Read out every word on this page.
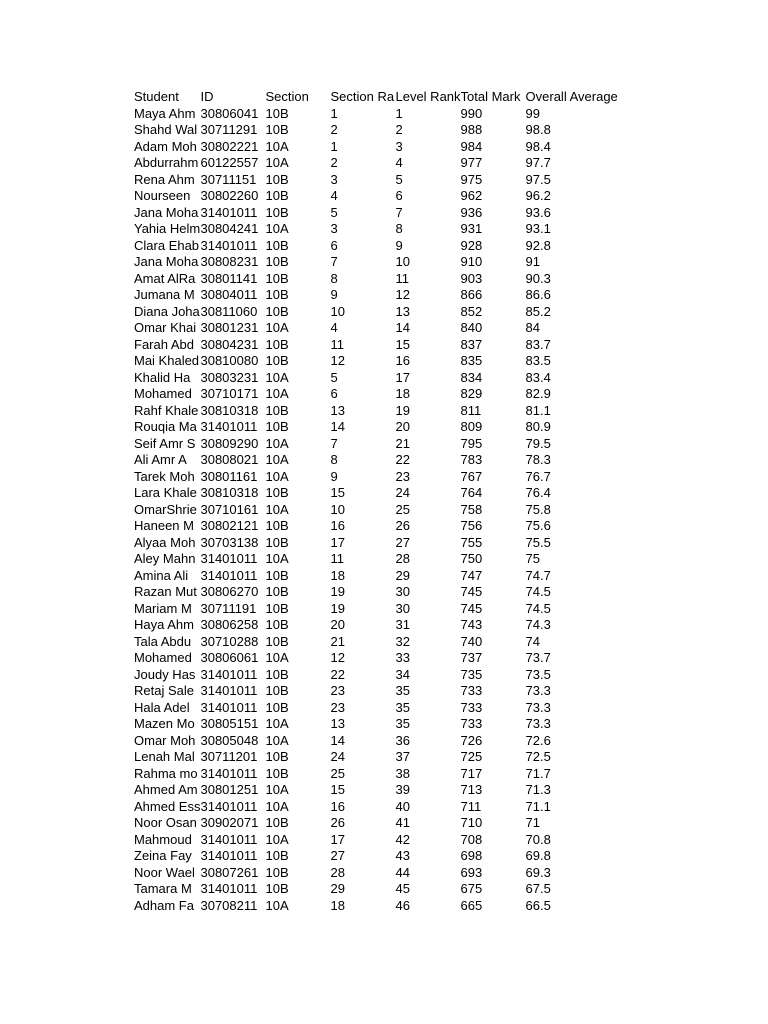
Student	ID	Section	Section Ra	Level Rank	Total Mark	Overall Average
Maya Ahm	30806041	10B	1	1	990	99
Shahd Wal	30711291	10B	2	2	988	98.8
Adam Moh	30802221	10A	1	3	984	98.4
Abdurrahm	60122557	10A	2	4	977	97.7
Rena Ahm	30711151	10B	3	5	975	97.5
Nourseen	30802260	10B	4	6	962	96.2
Jana Moha	31401011	10B	5	7	936	93.6
Yahia Helm	30804241	10A	3	8	931	93.1
Clara Ehab	31401011	10B	6	9	928	92.8
Jana Moha	30808231	10B	7	10	910	91
Amat AlRa	30801141	10B	8	11	903	90.3
Jumana M	30804011	10B	9	12	866	86.6
Diana Joha	30811060	10B	10	13	852	85.2
Omar Khai	30801231	10A	4	14	840	84
Farah Abd	30804231	10B	11	15	837	83.7
Mai Khaled	30810080	10B	12	16	835	83.5
Khalid Ha	30803231	10A	5	17	834	83.4
Mohamed	30710171	10A	6	18	829	82.9
Rahf Khale	30810318	10B	13	19	811	81.1
Rouqia Ma	31401011	10B	14	20	809	80.9
Seif Amr S	30809290	10A	7	21	795	79.5
Ali Amr A	30808021	10A	8	22	783	78.3
Tarek Moh	30801161	10A	9	23	767	76.7
Lara Khale	30810318	10B	15	24	764	76.4
OmarShrie	30710161	10A	10	25	758	75.8
Haneen M	30802121	10B	16	26	756	75.6
Alyaa Moh	30703138	10B	17	27	755	75.5
Aley Mahn	31401011	10A	11	28	750	75
Amina Ali	31401011	10B	18	29	747	74.7
Razan Mut	30806270	10B	19	30	745	74.5
Mariam M	30711191	10B	19	30	745	74.5
Haya Ahm	30806258	10B	20	31	743	74.3
Tala Abdu	30710288	10B	21	32	740	74
Mohamed	30806061	10A	12	33	737	73.7
Joudy Has	31401011	10B	22	34	735	73.5
Retaj Sale	31401011	10B	23	35	733	73.3
Hala Adel	31401011	10B	23	35	733	73.3
Mazen Mo	30805151	10A	13	35	733	73.3
Omar Moh	30805048	10A	14	36	726	72.6
Lenah Mal	30711201	10B	24	37	725	72.5
Rahma mo	31401011	10B	25	38	717	71.7
Ahmed Am	30801251	10A	15	39	713	71.3
Ahmed Ess	31401011	10A	16	40	711	71.1
Noor Osan	30902071	10B	26	41	710	71
Mahmoud	31401011	10A	17	42	708	70.8
Zeina Fay	31401011	10B	27	43	698	69.8
Noor Wael	30807261	10B	28	44	693	69.3
Tamara M	31401011	10B	29	45	675	67.5
Adham Fa	30708211	10A	18	46	665	66.5
